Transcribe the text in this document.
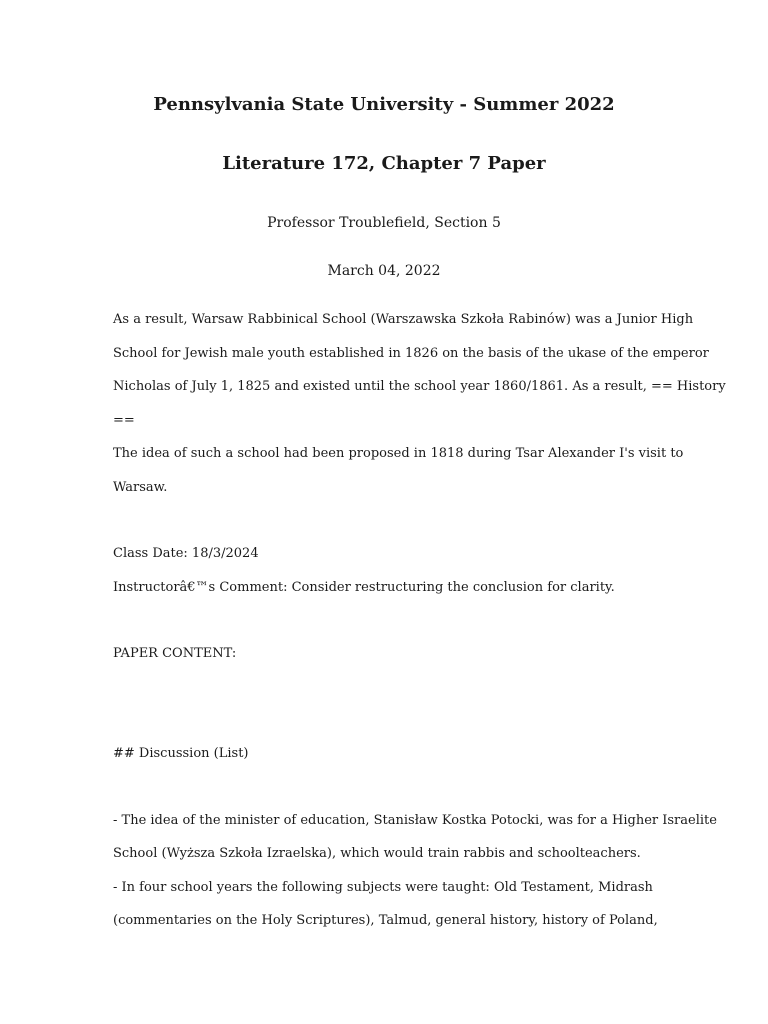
Pennsylvania State University - Summer 2022
Literature 172, Chapter 7 Paper

Professor Troublefield, Section 5

March 04, 2022

As a result, Warsaw Rabbinical School (Warszawska Szkoła Rabinów) was a Junior High

School for Jewish male youth established in 1826 on the basis of the ukase of the emperor

Nicholas of July 1, 1825 and existed until the school year 1860/1861. As a result, == History

==

The idea of such a school had been proposed in 1818 during Tsar Alexander I's visit to

Warsaw.

Class Date: 18/3/2024

Instructorâ€™s Comment: Consider restructuring the conclusion for clarity.

PAPER CONTENT:

## Discussion (List)

- The idea of the minister of education, Stanisław Kostka Potocki, was for a Higher Israelite

School (Wyższa Szkoła Izraelska), which would train rabbis and schoolteachers.

- In four school years the following subjects were taught: Old Testament, Midrash

(commentaries on the Holy Scriptures), Talmud, general history, history of Poland,
